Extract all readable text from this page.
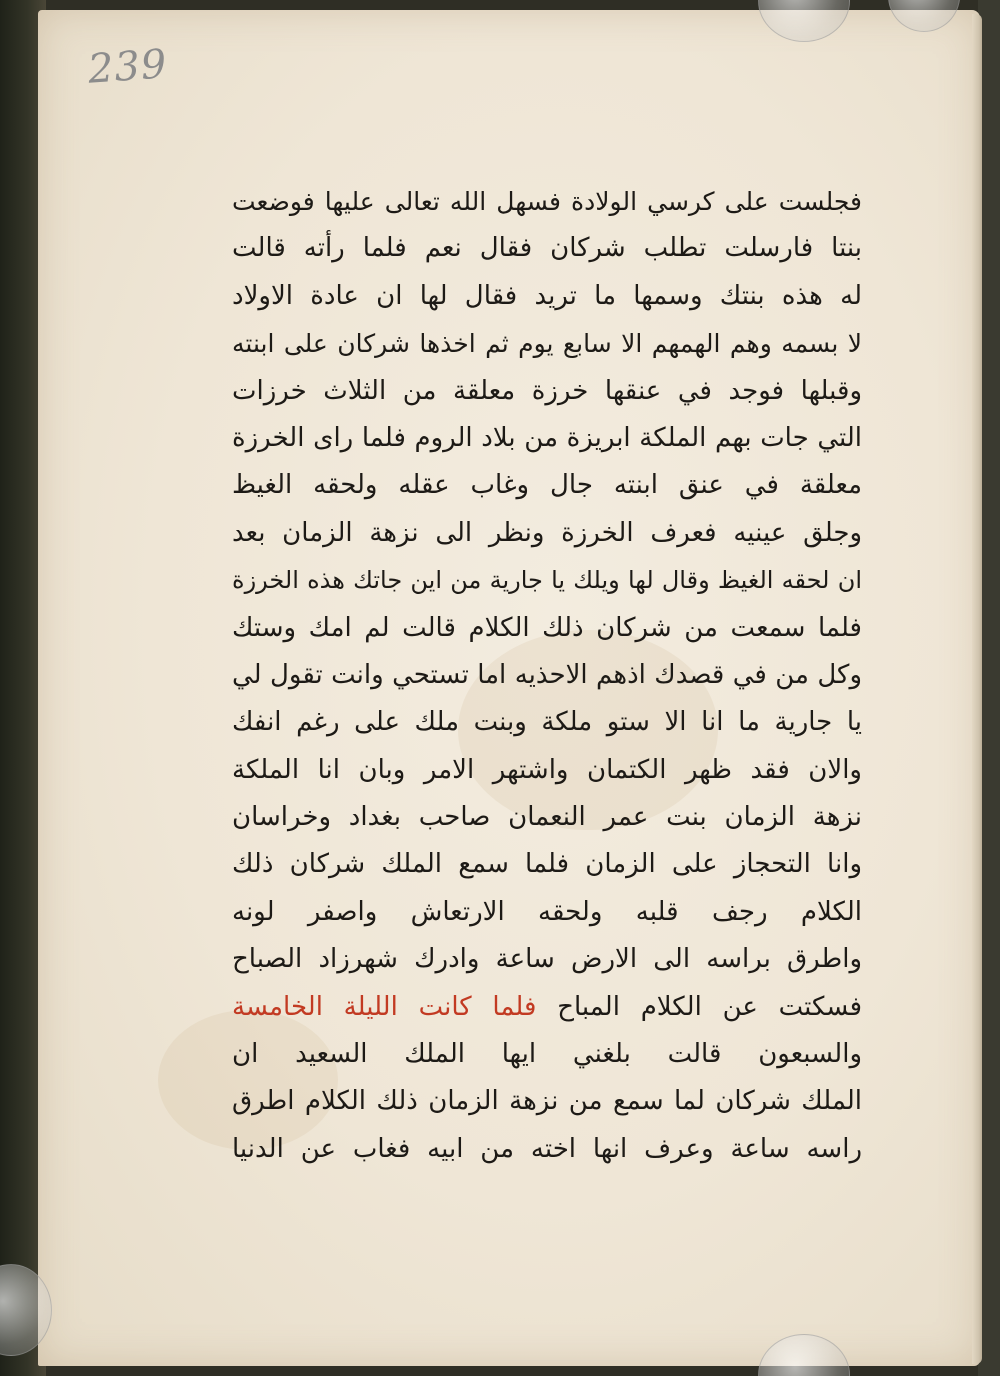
239
فجلست على كرسي الولادة فسهل الله تعالى عليها فوضعت
بنتا فارسلت تطلب شركان فقال نعم فلما رأته قالت
له هذه بنتك وسمها ما تريد فقال لها ان عادة الاولاد
لا بسمه وهم الهمهم الا سابع يوم ثم اخذها شركان على ابنته
وقبلها فوجد في عنقها خرزة معلقة من الثلاث خرزات
التي جات بهم الملكة ابريزة من بلاد الروم فلما راى الخرزة
معلقة في عنق ابنته جال وغاب عقله ولحقه الغيظ
وجلق عينيه فعرف الخرزة ونظر الى نزهة الزمان بعد
ان لحقه الغيظ وقال لها ويلك يا جارية من اين جاتك هذه الخرزة
فلما سمعت من شركان ذلك الكلام قالت لم امك وستك
وكل من في قصدك اذهم الاحذيه اما تستحي وانت تقول لي
يا جارية ما انا الا ستو ملكة وبنت ملك على رغم انفك
والان فقد ظهر الكتمان واشتهر الامر وبان انا الملكة
نزهة الزمان بنت عمر النعمان صاحب بغداد وخراسان
وانا التحجاز على الزمان فلما سمع الملك شركان ذلك
الكلام رجف قلبه ولحقه الارتعاش واصفر لونه
واطرق براسه الى الارض ساعة وادرك شهرزاد الصباح
فسكتت عن الكلام المباح فلما كانت الليلة الخامسة
والسبعون قالت بلغني ايها الملك السعيد ان
الملك شركان لما سمع من نزهة الزمان ذلك الكلام اطرق
راسه ساعة وعرف انها اخته من ابيه فغاب عن الدنيا
